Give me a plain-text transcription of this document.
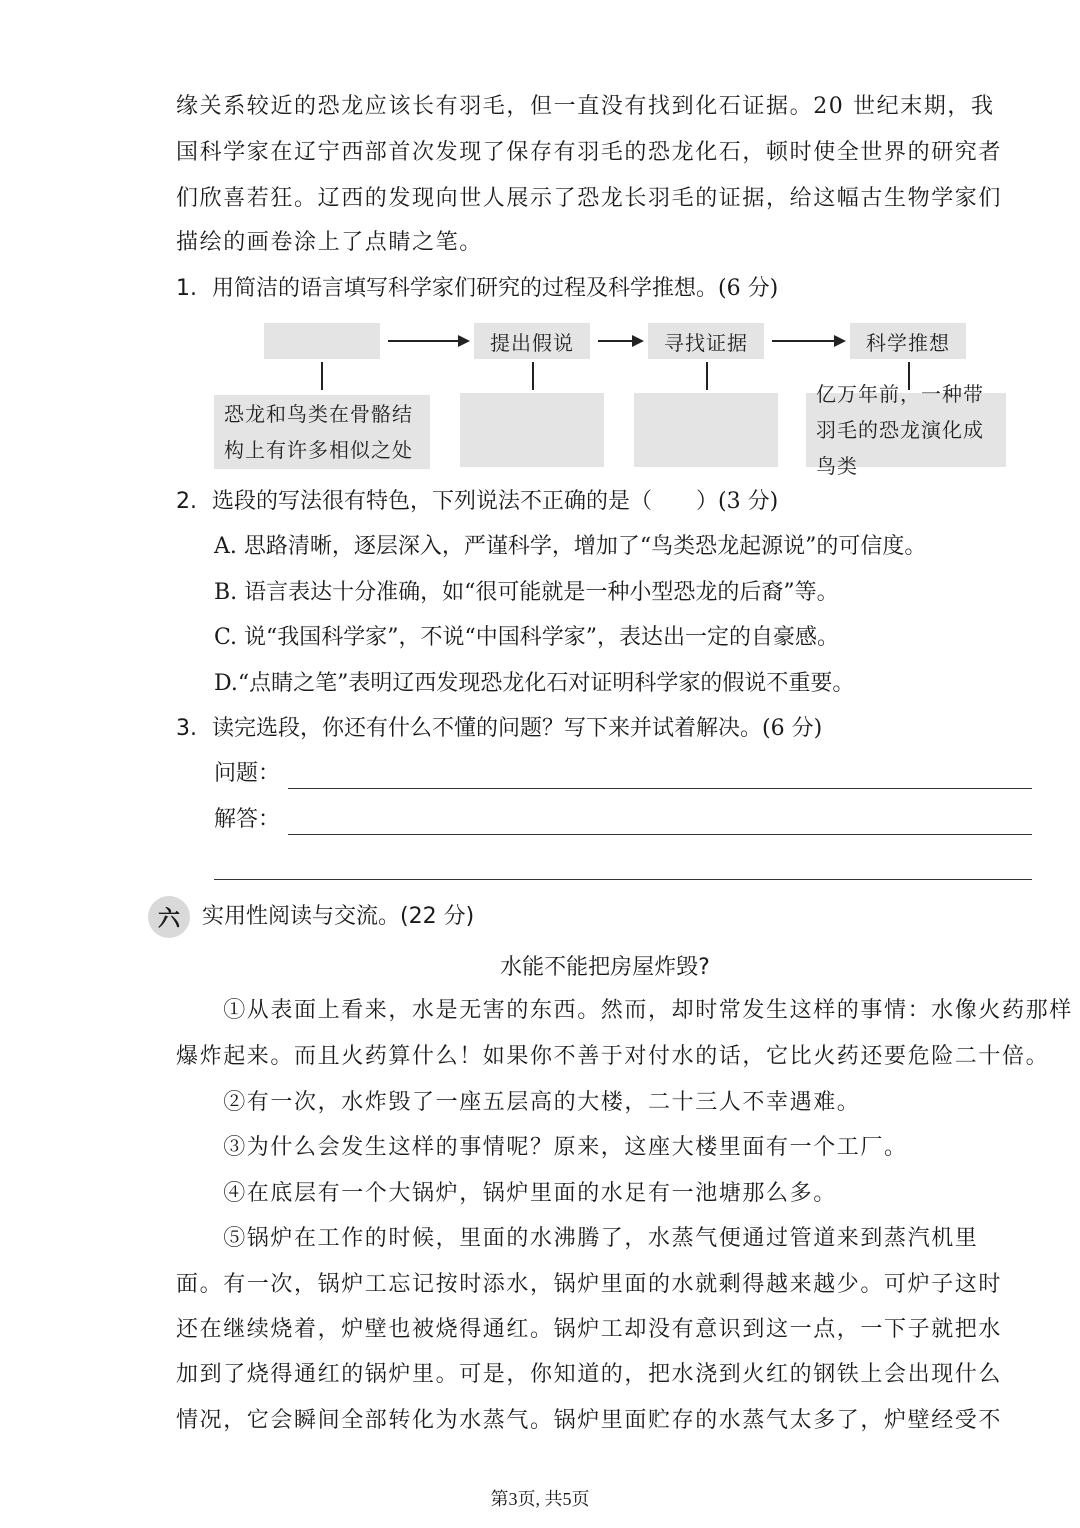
缘关系较近的恐龙应该长有羽毛，但一直没有找到化石证据。20 世纪末期，我
国科学家在辽宁西部首次发现了保存有羽毛的恐龙化石，顿时使全世界的研究者
们欣喜若狂。辽西的发现向世人展示了恐龙长羽毛的证据，给这幅古生物学家们
描绘的画卷涂上了点睛之笔。
1. 用简洁的语言填写科学家们研究的过程及科学推想。(6 分)
提出假说	寻找证据	科学推想
恐龙和鸟类在骨骼结构上有许多相似之处
亿万年前，一种带羽毛的恐龙演化成鸟类
2. 选段的写法很有特色，下列说法不正确的是（　　）(3 分)
A. 思路清晰，逐层深入，严谨科学，增加了“鸟类恐龙起源说”的可信度。
B. 语言表达十分准确，如“很可能就是一种小型恐龙的后裔”等。
C. 说“我国科学家”，不说“中国科学家”，表达出一定的自豪感。
D.“点睛之笔”表明辽西发现恐龙化石对证明科学家的假说不重要。
3. 读完选段，你还有什么不懂的问题？写下来并试着解决。(6 分)
问题：
解答：
六	实用性阅读与交流。(22 分)
水能不能把房屋炸毁?
　　①从表面上看来，水是无害的东西。然而，却时常发生这样的事情：水像火药那样
爆炸起来。而且火药算什么！如果你不善于对付水的话，它比火药还要危险二十倍。
　　②有一次，水炸毁了一座五层高的大楼，二十三人不幸遇难。
　　③为什么会发生这样的事情呢？原来，这座大楼里面有一个工厂。
　　④在底层有一个大锅炉，锅炉里面的水足有一池塘那么多。
　　⑤锅炉在工作的时候，里面的水沸腾了，水蒸气便通过管道来到蒸汽机里
面。有一次，锅炉工忘记按时添水，锅炉里面的水就剩得越来越少。可炉子这时
还在继续烧着，炉壁也被烧得通红。锅炉工却没有意识到这一点，一下子就把水
加到了烧得通红的锅炉里。可是，你知道的，把水浇到火红的钢铁上会出现什么
情况，它会瞬间全部转化为水蒸气。锅炉里面贮存的水蒸气太多了，炉壁经受不
第3页, 共5页
